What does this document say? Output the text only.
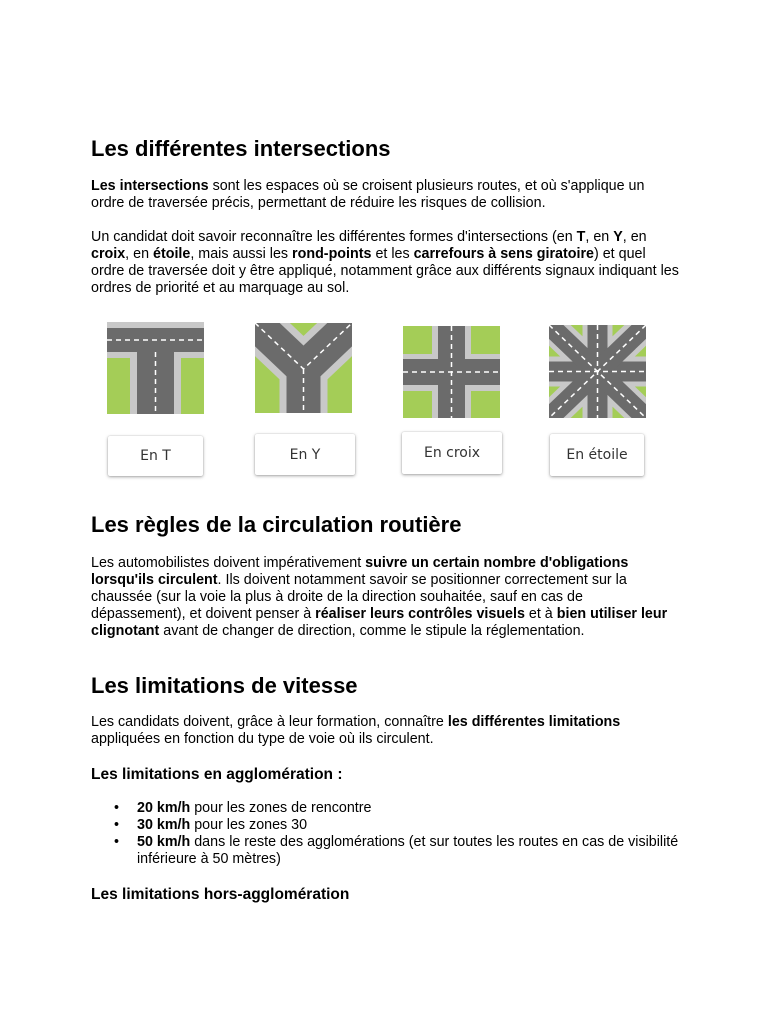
Les différentes intersections

Les intersections sont les espaces où se croisent plusieurs routes, et où s'applique un ordre de traversée précis, permettant de réduire les risques de collision.

Un candidat doit savoir reconnaître les différentes formes d'intersections (en T, en Y, en croix, en étoile, mais aussi les rond-points et les carrefours à sens giratoire) et quel ordre de traversée doit y être appliqué, notamment grâce aux différents signaux indiquant les ordres de priorité et au marquage au sol.

Les règles de la circulation routière

Les automobilistes doivent impérativement suivre un certain nombre d'obligations lorsqu'ils circulent. Ils doivent notamment savoir se positionner correctement sur la chaussée (sur la voie la plus à droite de la direction souhaitée, sauf en cas de dépassement), et doivent penser à réaliser leurs contrôles visuels et à bien utiliser leur clignotant avant de changer de direction, comme le stipule la réglementation.

Les limitations de vitesse

Les candidats doivent, grâce à leur formation, connaître les différentes limitations appliquées en fonction du type de voie où ils circulent.

Les limitations en agglomération :
• 20 km/h pour les zones de rencontre
• 30 km/h pour les zones 30
• 50 km/h dans le reste des agglomérations (et sur toutes les routes en cas de visibilité inférieure à 50 mètres)
Les limitations hors-agglomération
En T	En Y	En croix	En étoile
